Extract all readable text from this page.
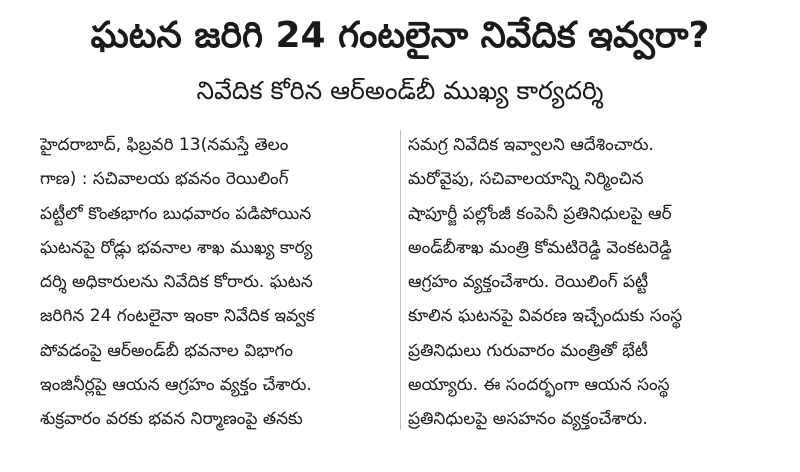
ఘటన జరిగి 24 గంటలైనా నివేదిక ఇవ్వరా?
నివేదిక కోరిన ఆర్‌అండ్‌బీ ముఖ్య కార్యదర్శి
హైదరాబాద్‌, ఫిబ్రవరి 13(నమస్తే తెలం
గాణ) : సచివాలయ భవనం రెయిలింగ్‌
పట్టీలో కొంతభాగం బుధవారం పడిపోయిన
ఘటనపై రోడ్లు భవనాల శాఖ ముఖ్య కార్య
దర్శి అధికారులను నివేదిక కోరారు. ఘటన
జరిగిన 24 గంటలైనా ఇంకా నివేదిక ఇవ్వక
పోవడంపై ఆర్‌అండ్‌బీ భవనాల విభాగం
ఇంజినీర్లపై ఆయన ఆగ్రహం వ్యక్తం చేశారు.
శుక్రవారం వరకు భవన నిర్మాణంపై తనకు
సమగ్ర నివేదిక ఇవ్వాలని ఆదేశించారు.
మరోవైపు, సచివాలయాన్ని నిర్మించిన
షాపూర్జీ పల్లోంజీ కంపెనీ ప్రతినిధులపై ఆర్‌
అండ్‌బీశాఖ మంత్రి కోమటిరెడ్డి వెంకటరెడ్డి
ఆగ్రహం వ్యక్తంచేశారు. రెయిలింగ్‌ పట్టీ
కూలిన ఘటనపై వివరణ ఇచ్చేందుకు సంస్థ
ప్రతినిధులు గురువారం మంత్రితో భేటీ
అయ్యారు. ఈ సందర్భంగా ఆయన సంస్థ
ప్రతినిధులపై అసహనం వ్యక్తంచేశారు.
